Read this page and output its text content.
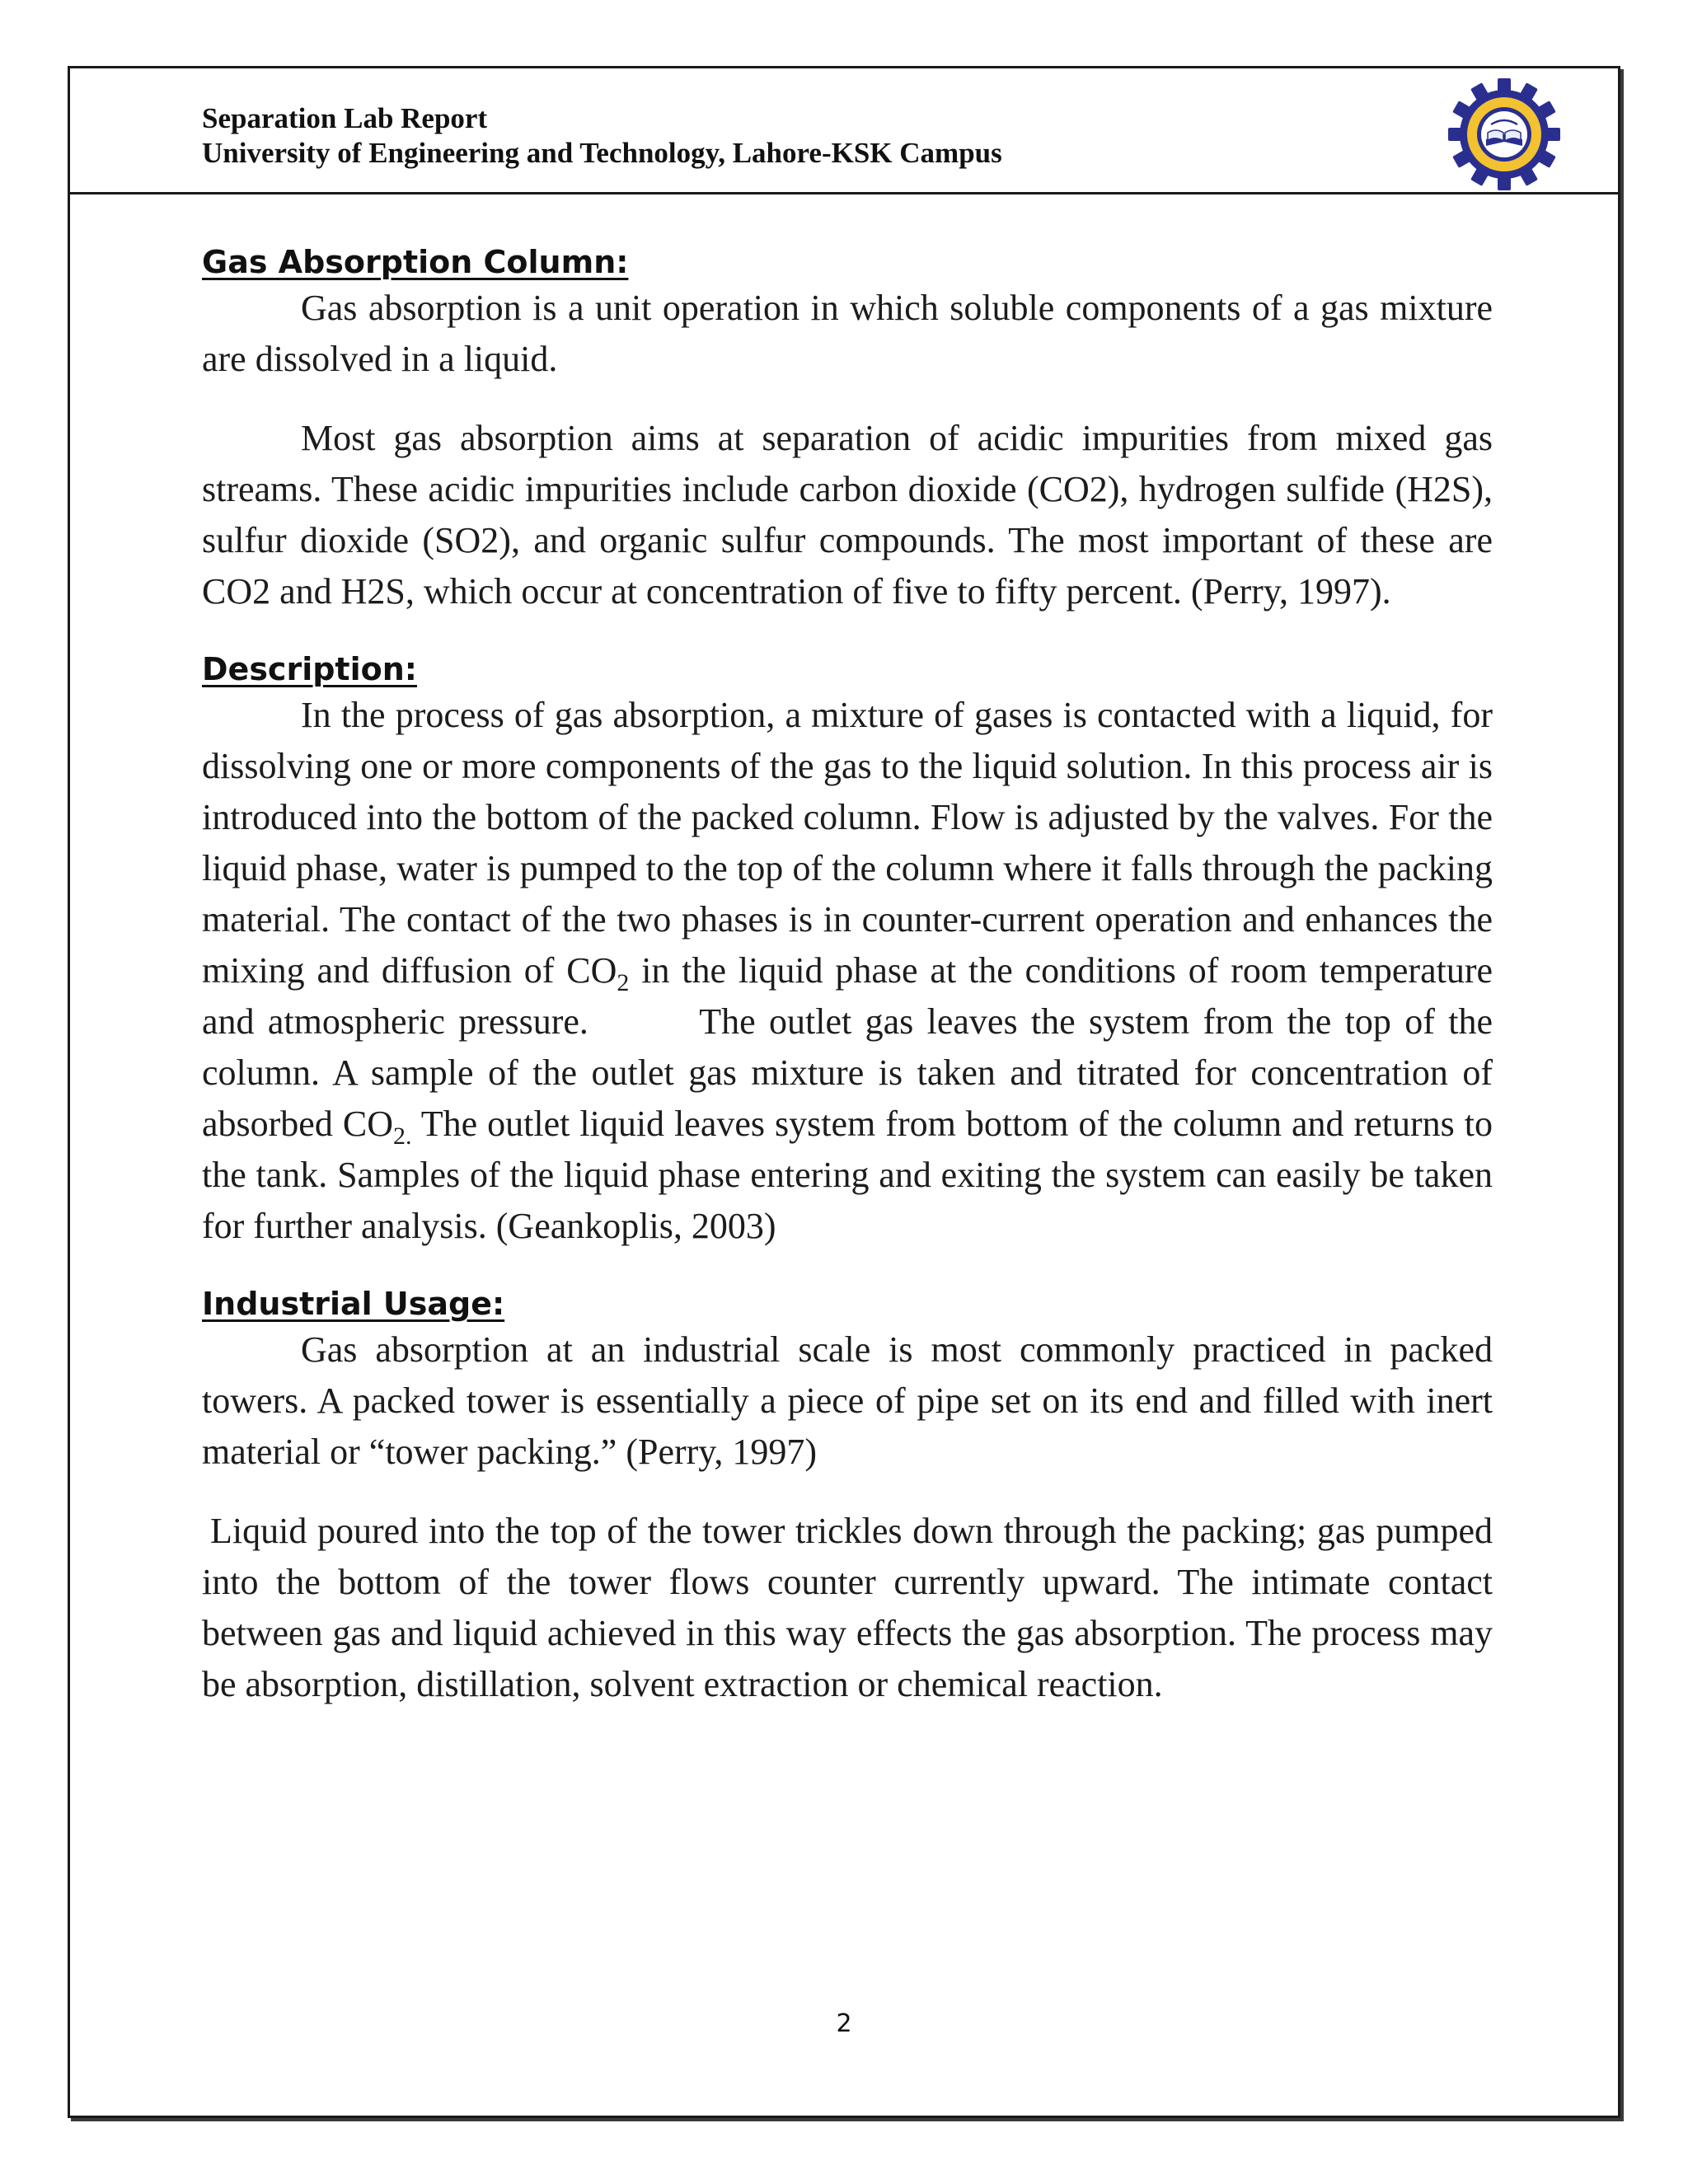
Separation Lab Report
University of Engineering and Technology, Lahore-KSK Campus
Gas Absorption Column:

Gas absorption is a unit operation in which soluble components of a gas mixture are dissolved in a liquid.

Most gas absorption aims at separation of acidic impurities from mixed gas streams. These acidic impurities include carbon dioxide (CO2), hydrogen sulfide (H2S), sulfur dioxide (SO2), and organic sulfur compounds. The most important of these are CO2 and H2S, which occur at concentration of five to fifty percent. (Perry, 1997).

Description:

In the process of gas absorption, a mixture of gases is contacted with a liquid, for dissolving one or more components of the gas to the liquid solution. In this process air is introduced into the bottom of the packed column. Flow is adjusted by the valves. For the liquid phase, water is pumped to the top of the column where it falls through the packing material. The contact of the two phases is in counter-current operation and enhances the mixing and diffusion of $CO_2$ in the liquid phase at the conditions of room temperature and atmospheric pressure.	The outlet gas leaves the system from the top of the column. A sample of the outlet gas mixture is taken and titrated for concentration of absorbed $CO_{2.}$ The outlet liquid leaves system from bottom of the column and returns to the tank. Samples of the liquid phase entering and exiting the system can easily be taken for further analysis. (Geankoplis, 2003)

Industrial Usage:

Gas absorption at an industrial scale is most commonly practiced in packed towers. A packed tower is essentially a piece of pipe set on its end and filled with inert material or “tower packing.” (Perry, 1997)

Liquid poured into the top of the tower trickles down through the packing; gas pumped into the bottom of the tower flows counter currently upward. The intimate contact between gas and liquid achieved in this way effects the gas absorption. The process may be absorption, distillation, solvent extraction or chemical reaction.

2
